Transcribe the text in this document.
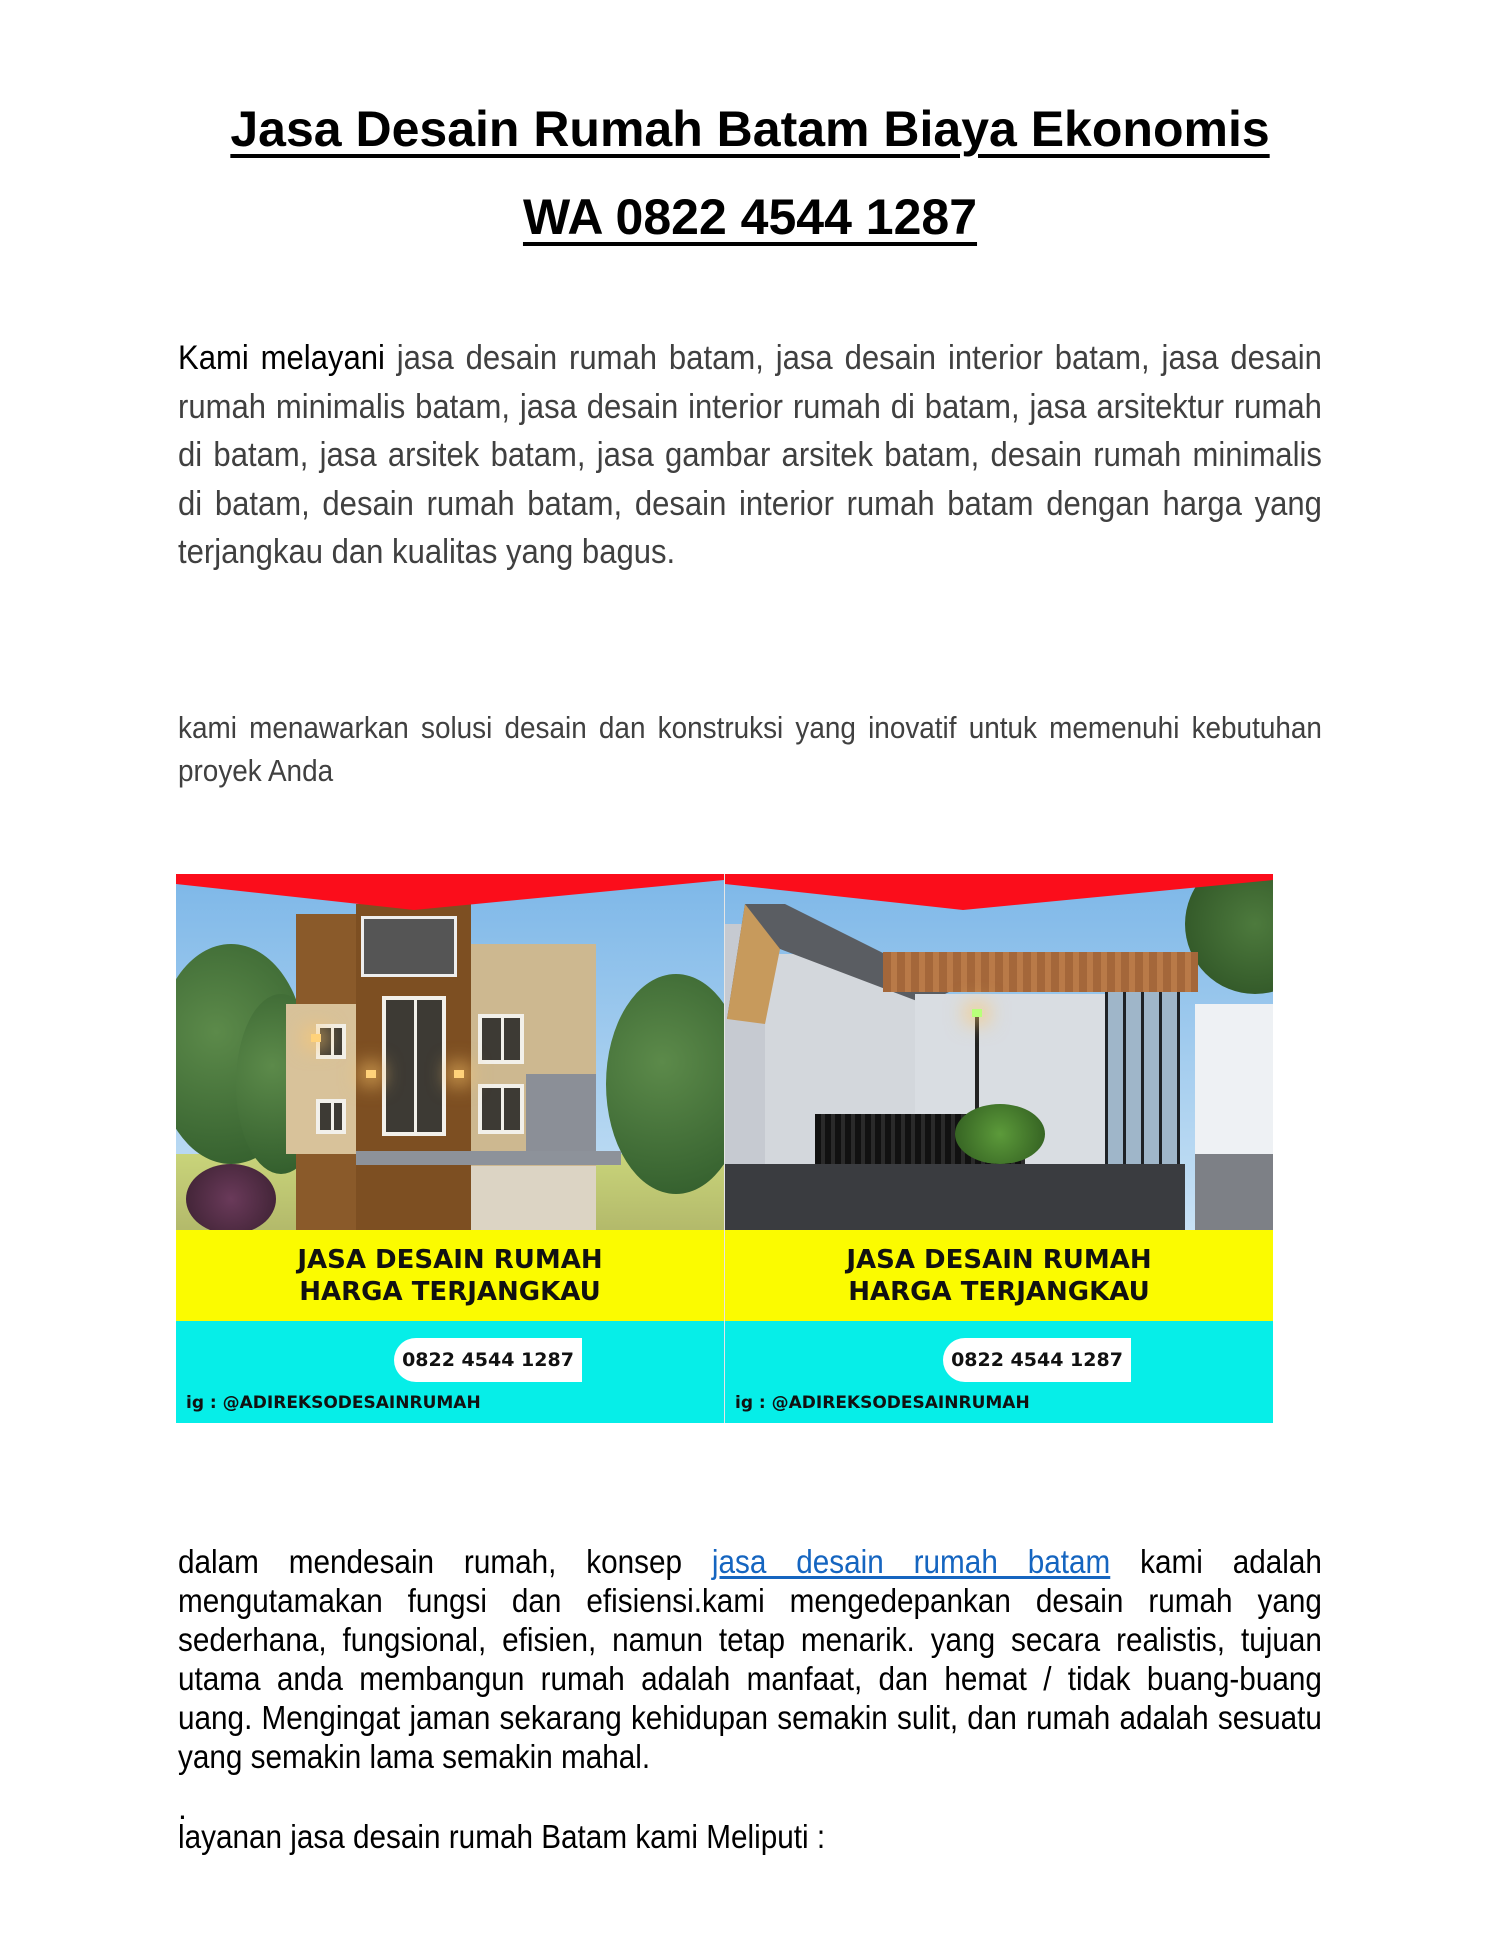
Jasa Desain Rumah Batam Biaya Ekonomis
WA 0822 4544 1287

Kami melayani jasa desain rumah batam, jasa desain interior batam, jasa desain rumah minimalis batam, jasa desain interior rumah di batam, jasa arsitektur rumah di batam, jasa arsitek batam, jasa gambar arsitek batam, desain rumah minimalis di batam, desain rumah batam, desain interior rumah batam dengan harga yang terjangkau dan kualitas yang bagus.

kami menawarkan solusi desain dan konstruksi yang inovatif untuk memenuhi kebutuhan proyek Anda

JASA DESAIN RUMAH
HARGA TERJANGKAU
0822 4544 1287
ig : @ADIREKSODESAINRUMAH
JASA DESAIN RUMAH
HARGA TERJANGKAU
0822 4544 1287
ig : @ADIREKSODESAINRUMAH

dalam mendesain rumah, konsep jasa desain rumah batam kami adalah mengutamakan fungsi dan efisiensi.kami mengedepankan desain rumah yang sederhana, fungsional, efisien, namun tetap menarik. yang secara realistis, tujuan utama anda membangun rumah adalah manfaat, dan hemat / tidak buang-buang uang. Mengingat jaman sekarang kehidupan semakin sulit, dan rumah adalah sesuatu yang semakin lama semakin mahal.

.

layanan jasa desain rumah Batam kami Meliputi :
